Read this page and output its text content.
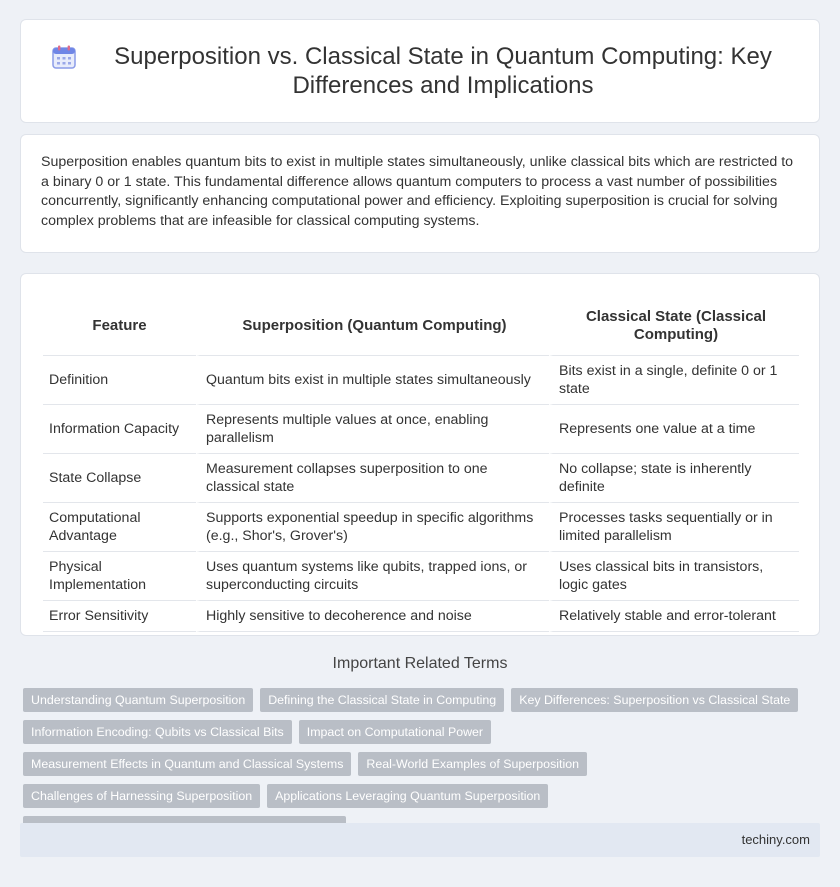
Superposition vs. Classical State in Quantum Computing: Key Differences and Implications

Superposition enables quantum bits to exist in multiple states simultaneously, unlike classical bits which are restricted to a binary 0 or 1 state. This fundamental difference allows quantum computers to process a vast number of possibilities concurrently, significantly enhancing computational power and efficiency. Exploiting superposition is crucial for solving complex problems that are infeasible for classical computing systems.

Feature	Superposition (Quantum Computing)	Classical State (Classical Computing)
Definition	Quantum bits exist in multiple states simultaneously	Bits exist in a single, definite 0 or 1 state
Information Capacity	Represents multiple values at once, enabling parallelism	Represents one value at a time
State Collapse	Measurement collapses superposition to one classical state	No collapse; state is inherently definite
Computational Advantage	Supports exponential speedup in specific algorithms (e.g., Shor's, Grover's)	Processes tasks sequentially or in limited parallelism
Physical Implementation	Uses quantum systems like qubits, trapped ions, or superconducting circuits	Uses classical bits in transistors, logic gates
Error Sensitivity	Highly sensitive to decoherence and noise	Relatively stable and error-tolerant
Important Related Terms
Understanding Quantum Superposition	Defining the Classical State in Computing	Key Differences: Superposition vs Classical State
Information Encoding: Qubits vs Classical Bits	Impact on Computational Power
Measurement Effects in Quantum and Classical Systems	Real-World Examples of Superposition
Challenges of Harnessing Superposition	Applications Leveraging Quantum Superposition
techiny.com
